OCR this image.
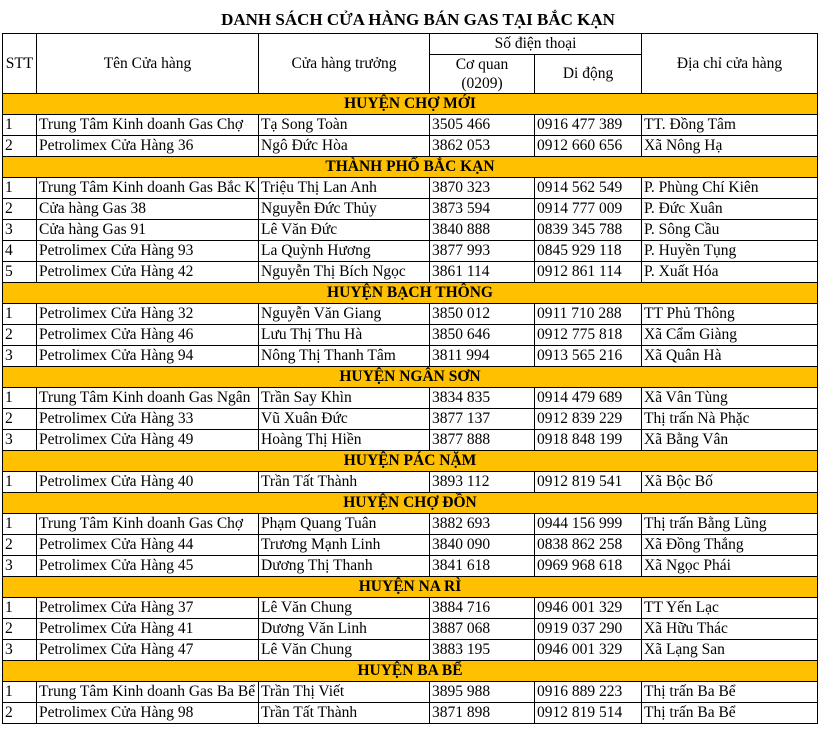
DANH SÁCH CỬA HÀNG BÁN GAS TẠI BẮC KẠN
STT	Tên Cửa hàng	Cửa hàng trưởng	Số điện thoại		Địa chỉ cửa hàng
			Cơ quan (0209)	Di động	
HUYỆN CHỢ MỚI					
1	Trung Tâm Kinh doanh Gas Chợ	Tạ Song Toàn	3505 466	0916 477 389	TT. Đồng Tâm
2	Petrolimex Cửa Hàng 36	Ngô Đức Hòa	3862 053	0912 660 656	Xã Nông Hạ
THÀNH PHỐ BẮC KẠN					
1	Trung Tâm Kinh doanh Gas Bắc K	Triệu Thị Lan Anh	3870 323	0914 562 549	P. Phùng Chí Kiên
2	Cửa hàng Gas 38	Nguyễn Đức Thủy	3873 594	0914 777 009	P. Đức Xuân
3	Cửa hàng Gas 91	Lê Văn Đức	3840 888	0839 345 788	P. Sông Cầu
4	Petrolimex Cửa Hàng 93	La Quỳnh Hương	3877 993	0845 929 118	P. Huyền Tụng
5	Petrolimex Cửa Hàng 42	Nguyễn Thị Bích Ngọc	3861 114	0912 861 114	P. Xuất Hóa
HUYỆN BẠCH THÔNG					
1	Petrolimex Cửa Hàng 32	Nguyễn Văn Giang	3850 012	0911 710 288	TT Phủ Thông
2	Petrolimex Cửa Hàng 46	Lưu Thị Thu Hà	3850 646	0912 775 818	Xã Cẩm Giàng
3	Petrolimex Cửa Hàng 94	Nông Thị Thanh Tâm	3811 994	0913 565 216	Xã Quân Hà
HUYỆN NGÂN SƠN					
1	Trung Tâm Kinh doanh Gas Ngân	Trần Say Khìn	3834 835	0914 479 689	Xã Vân Tùng
2	Petrolimex Cửa Hàng 33	Vũ Xuân Đức	3877 137	0912 839 229	Thị trấn Nà Phặc
3	Petrolimex Cửa Hàng 49	Hoàng Thị Hiền	3877 888	0918 848 199	Xã Bằng Vân
HUYỆN PÁC NẶM					
1	Petrolimex Cửa Hàng 40	Trần Tất Thành	3893 112	0912 819 541	Xã Bộc Bố
HUYỆN CHỢ ĐỒN					
1	Trung Tâm Kinh doanh Gas Chợ	Phạm Quang Tuân	3882 693	0944 156 999	Thị trấn Bằng Lũng
2	Petrolimex Cửa Hàng 44	Trương Mạnh Linh	3840 090	0838 862 258	Xã Đồng Thắng
3	Petrolimex Cửa Hàng 45	Dương Thị Thanh	3841 618	0969 968 618	Xã Ngọc Phái
HUYỆN NA RÌ					
1	Petrolimex Cửa Hàng 37	Lê Văn Chung	3884 716	0946 001 329	TT Yến Lạc
2	Petrolimex Cửa Hàng 41	Dương Văn Linh	3887 068	0919 037 290	Xã Hữu Thác
3	Petrolimex Cửa Hàng 47	Lê Văn Chung	3883 195	0946 001 329	Xã Lạng San
HUYỆN BA BỂ					
1	Trung Tâm Kinh doanh Gas Ba Bể	Trần Thị Viết	3895 988	0916 889 223	Thị trấn Ba Bể
2	Petrolimex Cửa Hàng 98	Trần Tất Thành	3871 898	0912 819 514	Thị trấn Ba Bể
